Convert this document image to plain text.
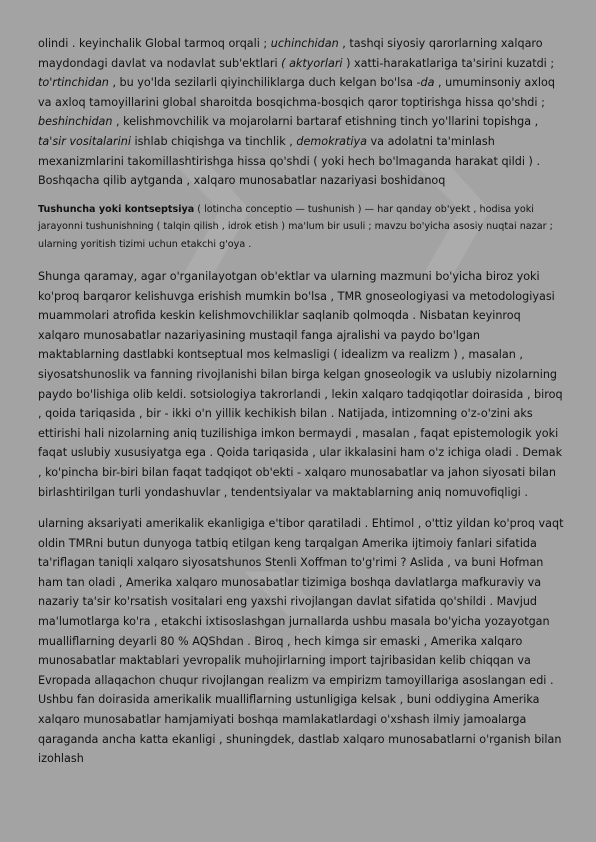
olindi . keyinchalik Global tarmoq orqali ; uchinchidan , tashqi siyosiy qarorlarning xalqaro maydondagi davlat va nodavlat sub'ektlari ( aktyorlari ) xatti-harakatlariga ta'sirini kuzatdi ; to'rtinchidan , bu yo'lda sezilarli qiyinchiliklarga duch kelgan bo'lsa -da , umuminsoniy axloq va axloq tamoyillarini global sharoitda bosqichma-bosqich qaror toptirishga hissa qo'shdi ; beshinchidan , kelishmovchilik va mojarolarni bartaraf etishning tinch yo'llarini topishga , ta'sir vositalarini ishlab chiqishga va tinchlik , demokratiya va adolatni ta'minlash mexanizmlarini takomillashtirishga hissa qo'shdi ( yoki hech bo'lmaganda harakat qildi ) . Boshqacha qilib aytganda , xalqaro munosabatlar nazariyasi boshidanoq

Tushuncha yoki kontseptsiya ( lotincha conceptio — tushunish ) — har qanday ob'yekt , hodisa yoki jarayonni tushunishning ( talqin qilish , idrok etish ) ma'lum bir usuli ; mavzu bo'yicha asosiy nuqtai nazar ; ularning yoritish tizimi uchun etakchi g'oya .

Shunga qaramay, agar o'rganilayotgan ob'ektlar va ularning mazmuni bo'yicha biroz yoki ko'proq barqaror kelishuvga erishish mumkin bo'lsa , TMR gnoseologiyasi va metodologiyasi muammolari atrofida keskin kelishmovchiliklar saqlanib qolmoqda . Nisbatan keyinroq xalqaro munosabatlar nazariyasining mustaqil fanga ajralishi va paydo bo'lgan maktablarning dastlabki kontseptual mos kelmasligi ( idealizm va realizm ) , masalan , siyosatshunoslik va fanning rivojlanishi bilan birga kelgan gnoseologik va uslubiy nizolarning paydo bo'lishiga olib keldi. sotsiologiya takrorlandi , lekin xalqaro tadqiqotlar doirasida , biroq , qoida tariqasida , bir - ikki o'n yillik kechikish bilan . Natijada, intizomning o'z-o'zini aks ettirishi hali nizolarning aniq tuzilishiga imkon bermaydi , masalan , faqat epistemologik yoki faqat uslubiy xususiyatga ega . Qoida tariqasida , ular ikkalasini ham o'z ichiga oladi . Demak , ko'pincha bir-biri bilan faqat tadqiqot ob'ekti - xalqaro munosabatlar va jahon siyosati bilan birlashtirilgan turli yondashuvlar , tendentsiyalar va maktablarning aniq nomuvofiqligi .

ularning aksariyati amerikalik ekanligiga e'tibor qaratiladi . Ehtimol , o'ttiz yildan ko'proq vaqt oldin TMRni butun dunyoga tatbiq etilgan keng tarqalgan Amerika ijtimoiy fanlari sifatida ta'riflagan taniqli xalqaro siyosatshunos Stenli Xoffman to'g'rimi ? Aslida , va buni Hofman ham tan oladi , Amerika xalqaro munosabatlar tizimiga boshqa davlatlarga mafkuraviy va nazariy ta'sir ko'rsatish vositalari eng yaxshi rivojlangan davlat sifatida qo'shildi . Mavjud ma'lumotlarga ko'ra , etakchi ixtisoslashgan jurnallarda ushbu masala bo'yicha yozayotgan mualliflarning deyarli 80 % AQShdan . Biroq , hech kimga sir emaski , Amerika xalqaro munosabatlar maktablari yevropalik muhojirlarning import tajribasidan kelib chiqqan va Evropada allaqachon chuqur rivojlangan realizm va empirizm tamoyillariga asoslangan edi . Ushbu fan doirasida amerikalik mualliflarning ustunligiga kelsak , buni oddiygina Amerika xalqaro munosabatlar hamjamiyati boshqa mamlakatlardagi o'xshash ilmiy jamoalarga qaraganda ancha katta ekanligi , shuningdek, dastlab xalqaro munosabatlarni o'rganish bilan izohlash
